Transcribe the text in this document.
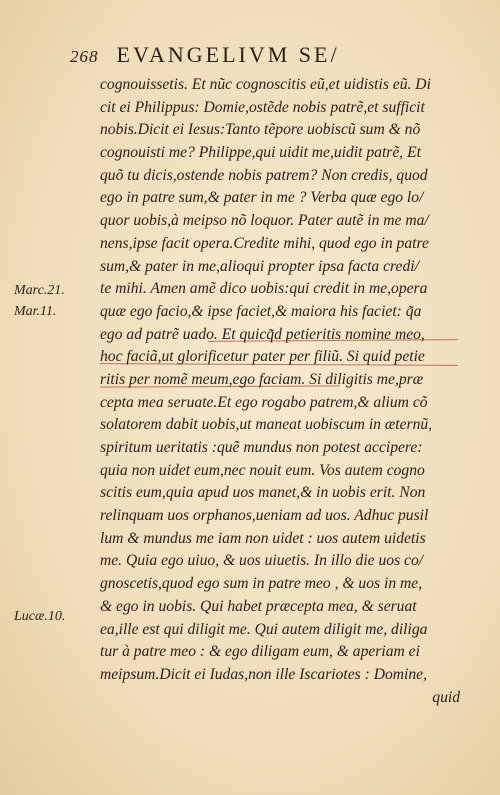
268 EVANGELIVM SE/
Marc.21.
Mar.11.
Lucæ.10.
cognouissetis. Et nũc cognoscitis eũ,et uidistis eũ. Di
cit ei Philippus: Domie,ostẽde nobis patrẽ,et sufficit
nobis.Dicit ei Iesus:Tanto tẽpore uobiscũ sum & nõ
cognouisti me? Philippe,qui uidit me,uidit patrẽ, Et
quõ tu dicis,ostende nobis patrem? Non credis, quod
ego in patre sum,& pater in me ? Verba quæ ego lo/
quor uobis,à meipso nõ loquor. Pater autẽ in me ma/
nens,ipse facit opera.Credite mihi, quod ego in patre
sum,& pater in me,alioqui propter ipsa facta credi/
te mihi. Amen amẽ dico uobis:qui credit in me,opera
quæ ego facio,& ipse faciet,& maiora his faciet: q̃a
ego ad patrẽ uado. Et quicq̃d petieritis nomine meo,
hoc faciã,ut glorificetur pater per filiũ. Si quid petie
ritis per nomẽ meum,ego faciam. Si diligitis me,præ
cepta mea seruate.Et ego rogabo patrem,& alium cõ
solatorem dabit uobis,ut maneat uobiscum in æternũ,
spiritum ueritatis :quẽ mundus non potest accipere:
quia non uidet eum,nec nouit eum. Vos autem cogno
scitis eum,quia apud uos manet,& in uobis erit. Non
relinquam uos orphanos,ueniam ad uos. Adhuc pusil
lum & mundus me iam non uidet : uos autem uidetis
me. Quia ego uiuo, & uos uiuetis. In illo die uos co/
gnoscetis,quod ego sum in patre meo , & uos in me,
& ego in uobis. Qui habet præcepta mea, & seruat
ea,ille est qui diligit me. Qui autem diligit me, diliga
tur à patre meo : & ego diligam eum, & aperiam ei
meipsum.Dicit ei Iudas,non ille Iscariotes : Domine,
quid
